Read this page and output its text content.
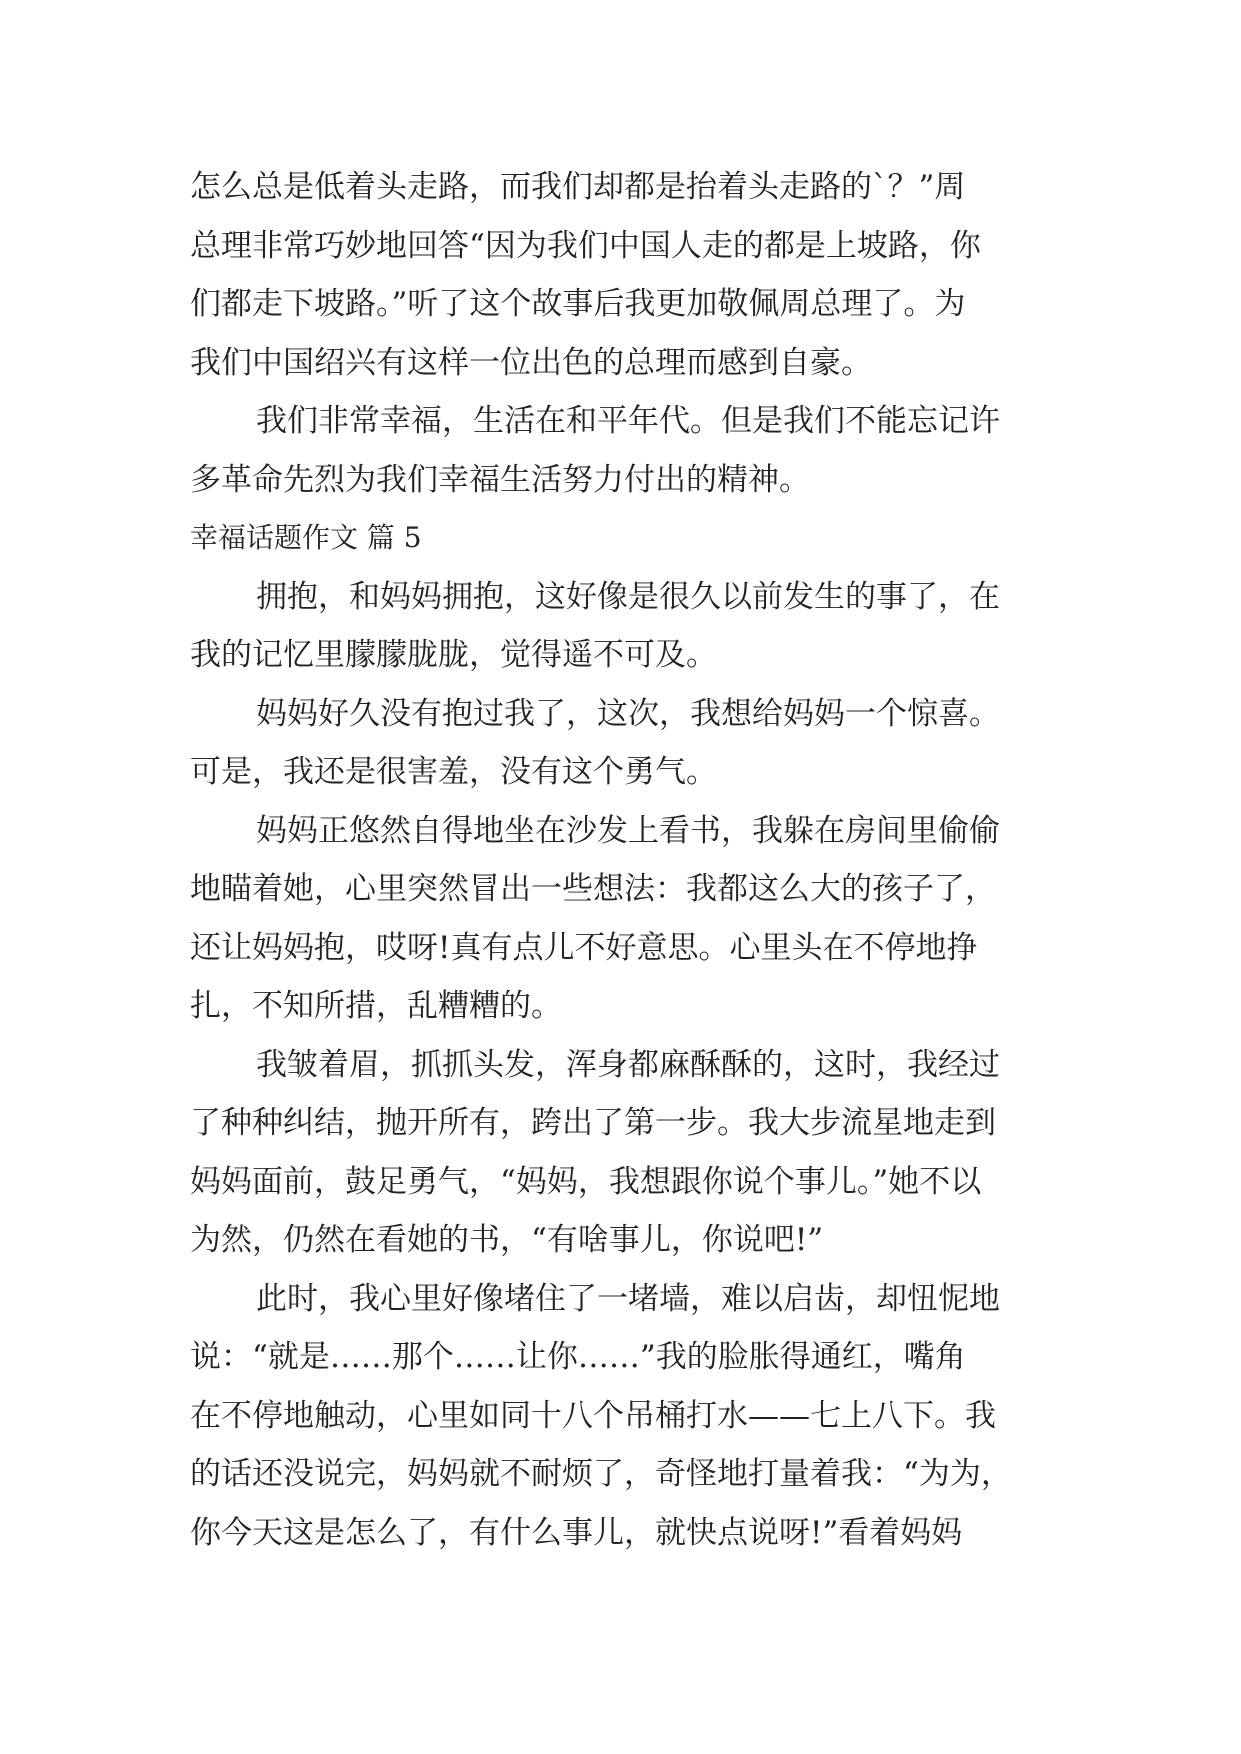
怎么总是低着头走路，而我们却都是抬着头走路的`？”周
总理非常巧妙地回答“因为我们中国人走的都是上坡路，你
们都走下坡路。”听了这个故事后我更加敬佩周总理了。为
我们中国绍兴有这样一位出色的总理而感到自豪。
我们非常幸福，生活在和平年代。但是我们不能忘记许
多革命先烈为我们幸福生活努力付出的精神。
幸福话题作文 篇 5
拥抱，和妈妈拥抱，这好像是很久以前发生的事了，在
我的记忆里朦朦胧胧，觉得遥不可及。
妈妈好久没有抱过我了，这次，我想给妈妈一个惊喜。
可是，我还是很害羞，没有这个勇气。
妈妈正悠然自得地坐在沙发上看书，我躲在房间里偷偷
地瞄着她，心里突然冒出一些想法：我都这么大的孩子了，
还让妈妈抱，哎呀!真有点儿不好意思。心里头在不停地挣
扎，不知所措，乱糟糟的。
我皱着眉，抓抓头发，浑身都麻酥酥的，这时，我经过
了种种纠结，抛开所有，跨出了第一步。我大步流星地走到
妈妈面前，鼓足勇气，“妈妈，我想跟你说个事儿。”她不以
为然，仍然在看她的书，“有啥事儿，你说吧!”
此时，我心里好像堵住了一堵墙，难以启齿，却忸怩地
说：“就是……那个……让你……”我的脸胀得通红，嘴角
在不停地触动，心里如同十八个吊桶打水——七上八下。我
的话还没说完，妈妈就不耐烦了，奇怪地打量着我：“为为，
你今天这是怎么了，有什么事儿，就快点说呀!”看着妈妈
